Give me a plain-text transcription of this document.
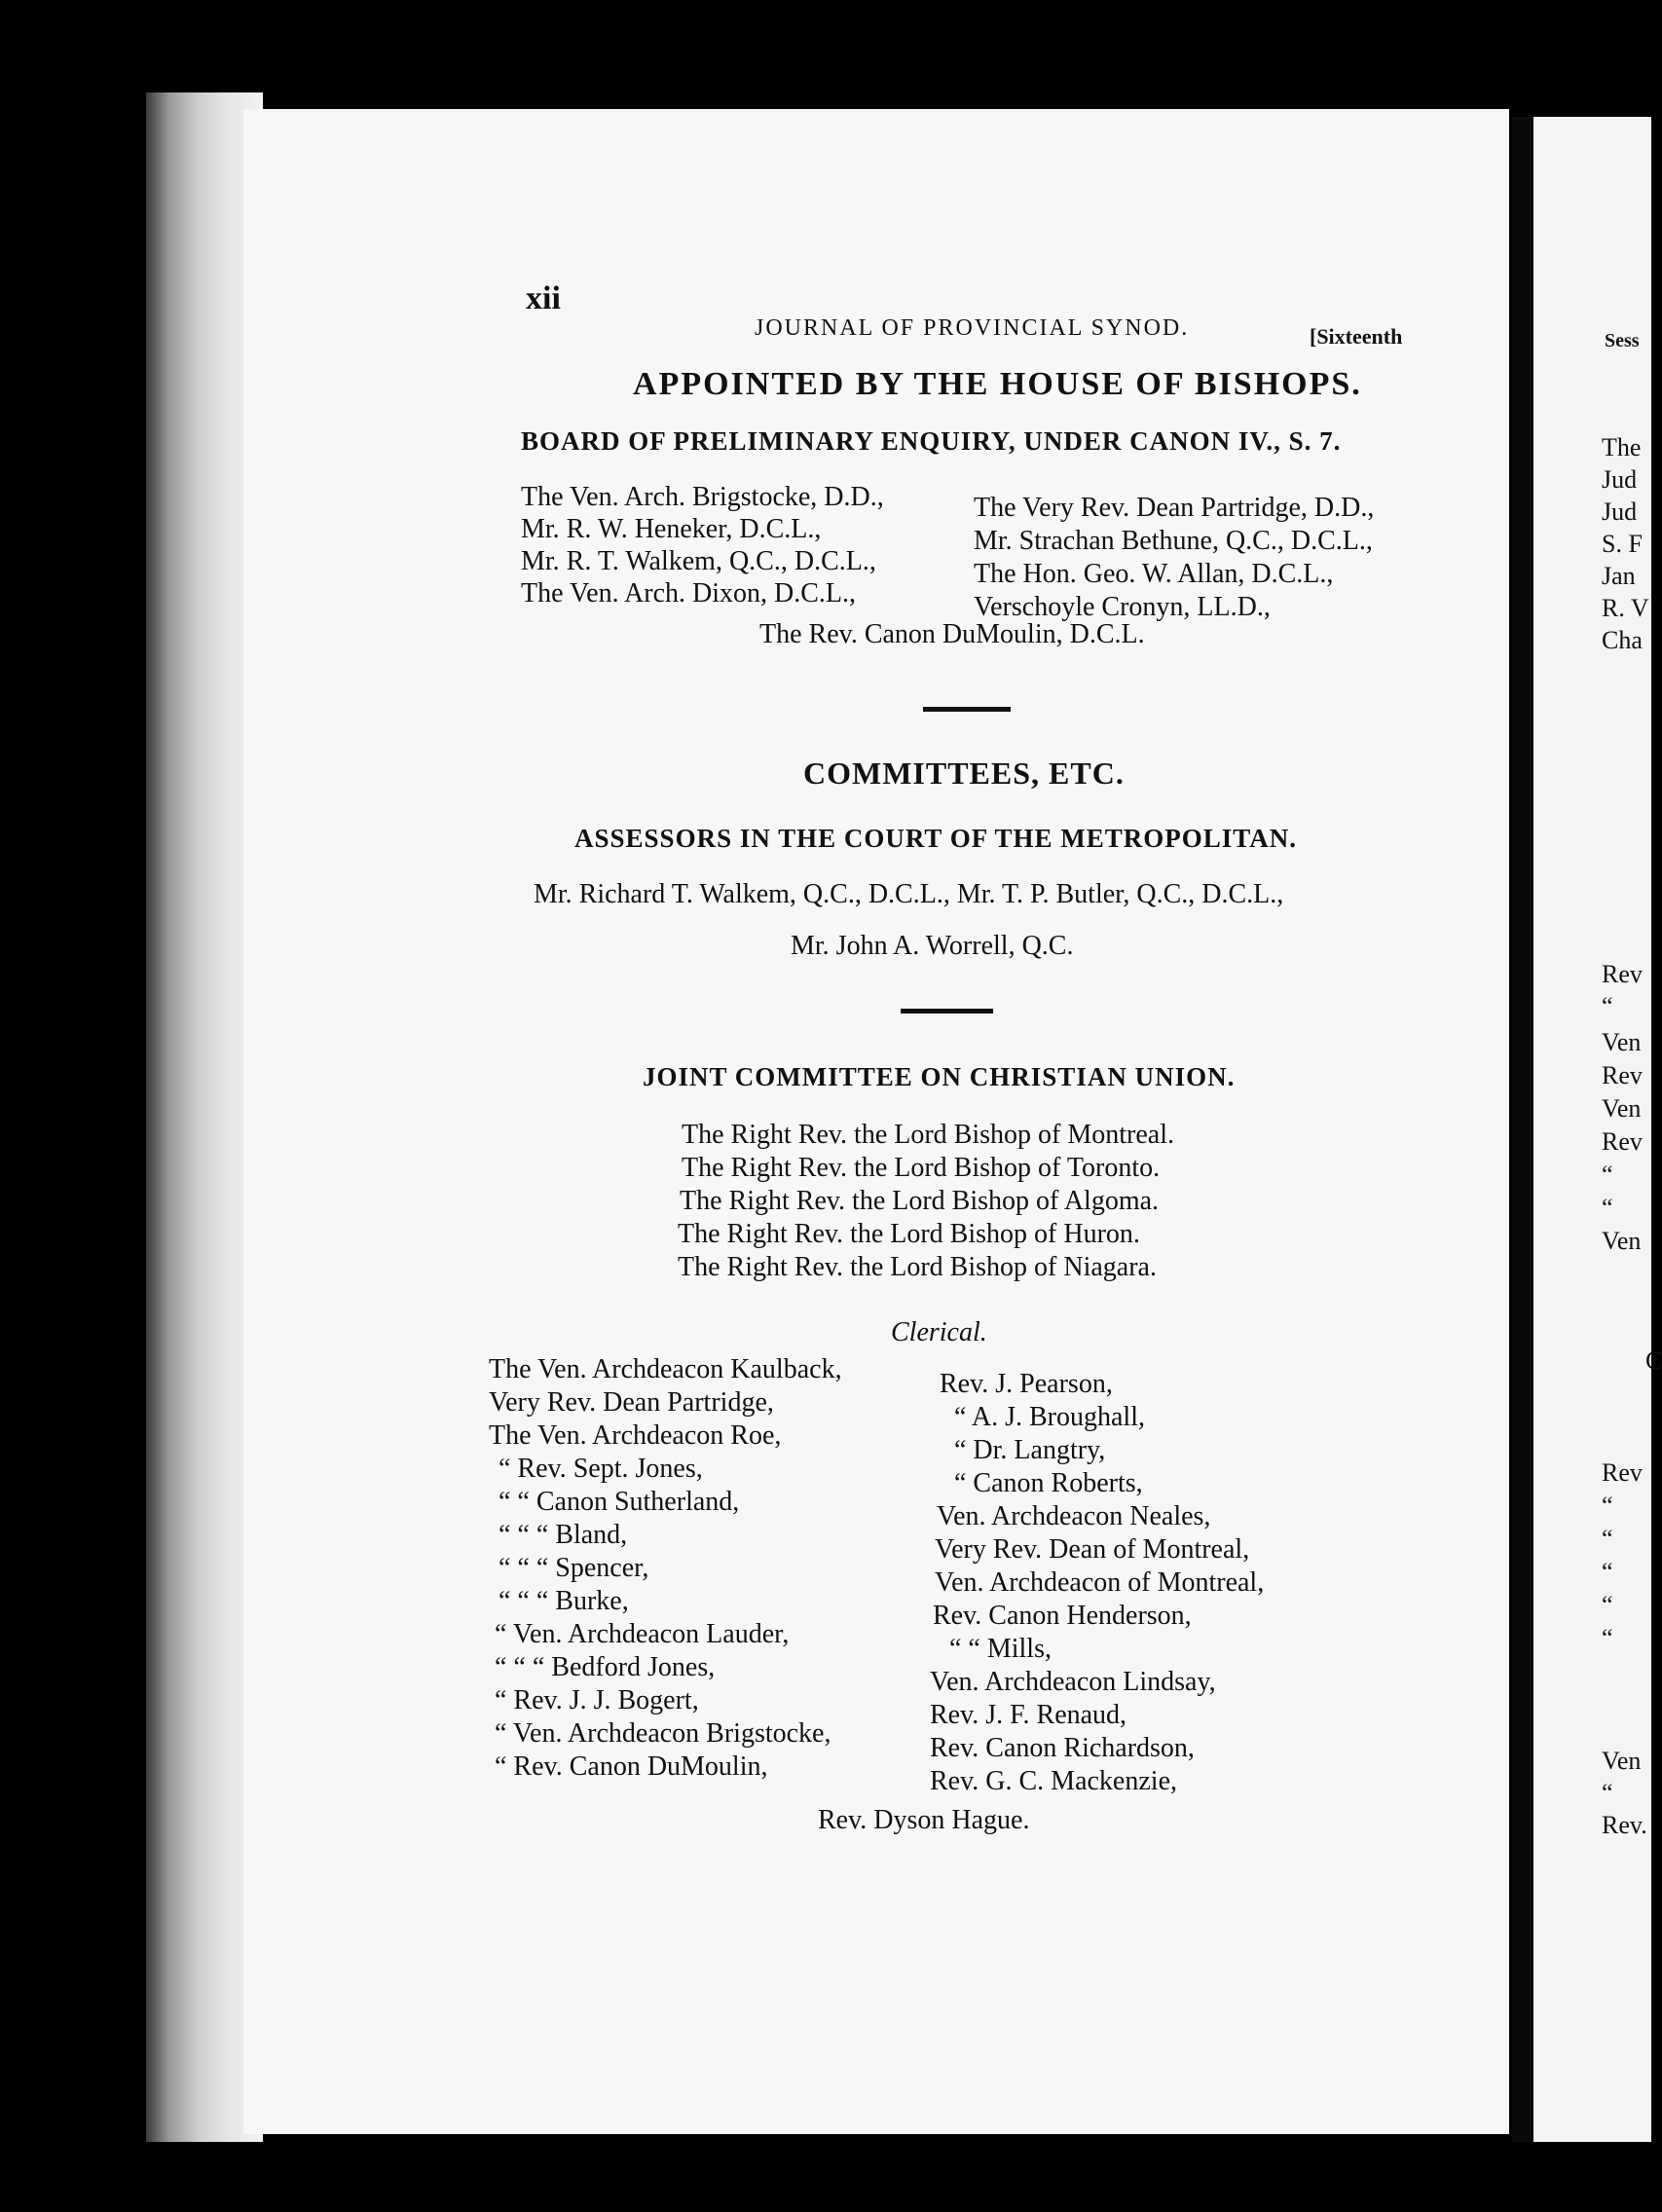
xii
JOURNAL OF PROVINCIAL SYNOD.	[Sixteenth
APPOINTED BY THE HOUSE OF BISHOPS.
BOARD OF PRELIMINARY ENQUIRY, UNDER CANON IV., S. 7.
The Ven. Arch. Brigstocke, D.D.,
Mr. R. W. Heneker, D.C.L.,
Mr. R. T. Walkem, Q.C., D.C.L.,
The Ven. Arch. Dixon, D.C.L.,
The Very Rev. Dean Partridge, D.D.,
Mr. Strachan Bethune, Q.C., D.C.L.,
The Hon. Geo. W. Allan, D.C.L.,
Verschoyle Cronyn, LL.D.,
The Rev. Canon DuMoulin, D.C.L.
COMMITTEES, ETC.
ASSESSORS IN THE COURT OF THE METROPOLITAN.
Mr. Richard T. Walkem, Q.C., D.C.L., Mr. T. P. Butler, Q.C., D.C.L.,
Mr. John A. Worrell, Q.C.
JOINT COMMITTEE ON CHRISTIAN UNION.
The Right Rev. the Lord Bishop of Montreal.
The Right Rev. the Lord Bishop of Toronto.
The Right Rev. the Lord Bishop of Algoma.
The Right Rev. the Lord Bishop of Huron.
The Right Rev. the Lord Bishop of Niagara.
Clerical.
The Ven. Archdeacon Kaulback,
Very Rev. Dean Partridge,
The Ven. Archdeacon Roe,
“ Rev. Sept. Jones,
“ “ Canon Sutherland,
“ “ “ Bland,
“ “ “ Spencer,
“ “ “ Burke,
“ Ven. Archdeacon Lauder,
“ “ “ Bedford Jones,
“ Rev. J. J. Bogert,
“ Ven. Archdeacon Brigstocke,
“ Rev. Canon DuMoulin,
Rev. J. Pearson,
“ A. J. Broughall,
“ Dr. Langtry,
“ Canon Roberts,
Ven. Archdeacon Neales,
Very Rev. Dean of Montreal,
Ven. Archdeacon of Montreal,
Rev. Canon Henderson,
“ “ Mills,
Ven. Archdeacon Lindsay,
Rev. J. F. Renaud,
Rev. Canon Richardson,
Rev. G. C. Mackenzie,
Rev. Dyson Hague.
Sess
The
Jud
Jud
S. F
Jan
R. V
Cha
Rev
“
Ven
Rev
Ven
Rev
“
“
Ven
C
Rev
“
“
“
“
“
Ven
“
Rev.
